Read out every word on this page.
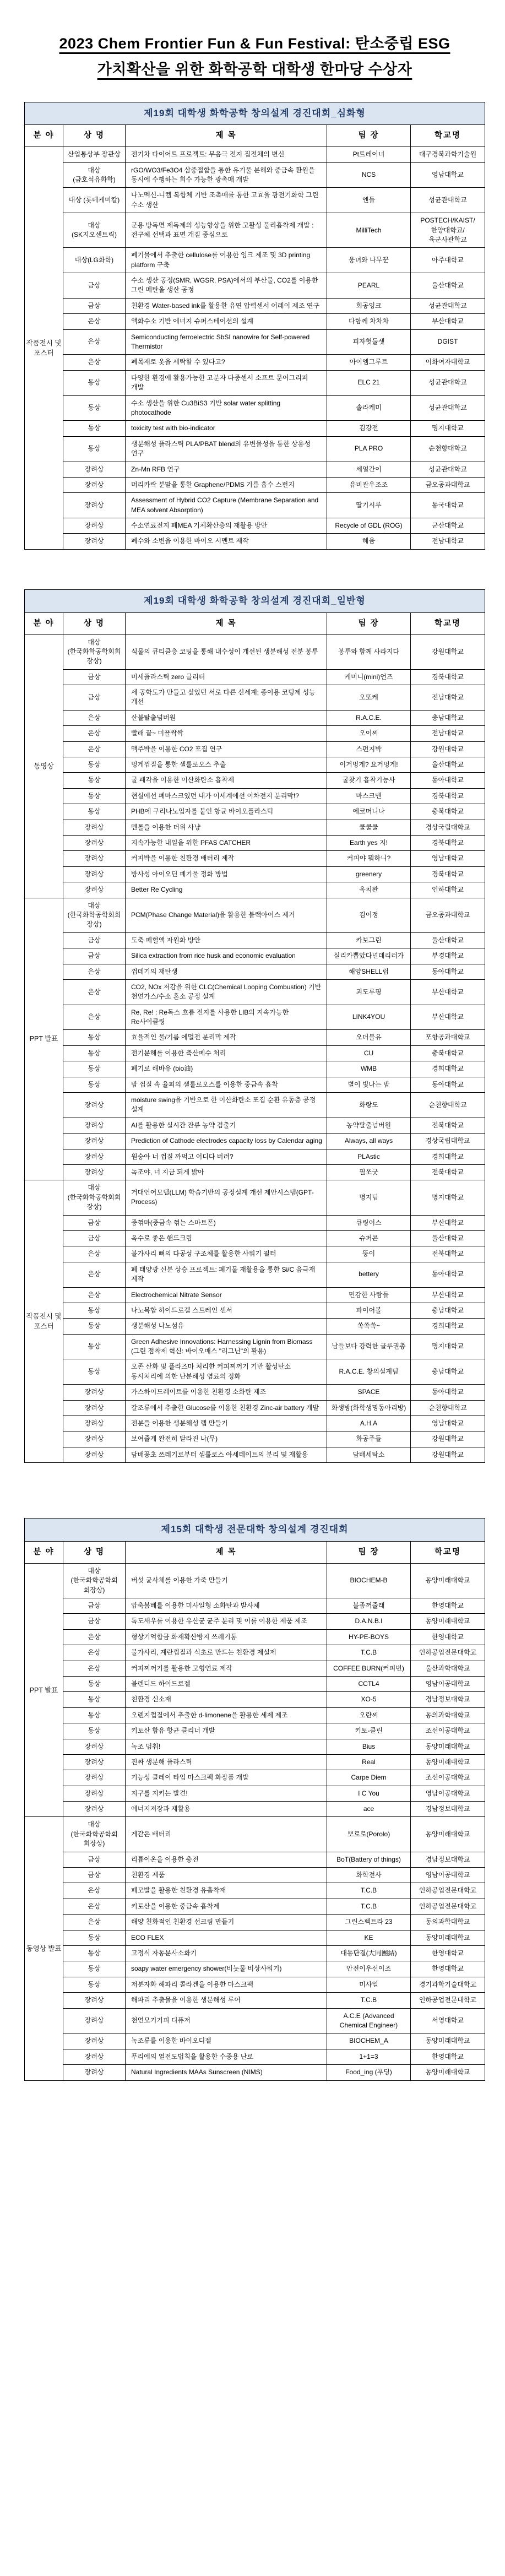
2023 Chem Frontier Fun & Fun Festival: 탄소중립 ESG
가치확산을 위한 화학공학 대학생 한마당 수상자
제19회 대학생 화학공학 창의설계 경진대회_심화형				
분 야	상 명	제 목	팀 장	학교명
작품전시 및 포스터	산업통상부 장관상	전기차 다이어트 프로젝트: 무음극 전지 집전체의 변신	Pt트레이너	대구경북과학기술원
	대상 (금호석유화학)	rGO/WO3/Fe3O4 삼중접합을 통한 유기물 분해와 중금속 환원을 동시에 수행하는 회수 가능한 광촉매 개발	NCS	영남대학교
	대상 (롯데케미칼)	나노멕신-니켈 복합체 기반 조촉매를 통한 고효율 광전기화학 그린 수소 생산	엔들	성균관대학교
	대상 (SK지오센트릭)	군용 방독면 제독제의 성능향상을 위한 고활성 물리흡착제 개발 : 전구체 선택과 표면 개질 중심으로	MilliTech	POSTECH/KAIST/한양대학교/육군사관학교
	대상(LG화학)	폐기물에서 추출한 cellulose를 이용한 잉크 제조 및 3D printing platform 구축	웅녀와 나무꾼	아주대학교
	금상	수소 생산 공정(SMR, WGSR, PSA)에서의 부산물, CO2를 이용한 그린 메탄올 생산 공정	PEARL	울산대학교
	금상	친환경 Water-based ink를 활용한 유연 압력센서 어레이 제조 연구	회공잉크	성균관대학교
	은상	액화수소 기반 에너지 슈퍼스테이션의 설계	다함께 차차차	부산대학교
	은상	Semiconducting ferroelectric SbSI nanowire for Self-powered Thermistor	피자헛둘셋	DGIST
	은상	폐목재로 옷을 세탁할 수 있다고?	아이엠그루트	이화여자대학교
	동상	다양한 환경에 활용가능한 고분자 다중센서 소프트 문어그리퍼 개발	ELC 21	성균관대학교
	동상	수소 생산을 위한 Cu3BiS3 기반 solar water splitting photocathode	솔라케미	성균관대학교
	동상	toxicity test with bio-indicator	김강전	명지대학교
	동상	생분해성 플라스틱 PLA/PBAT blend의 유변물성을 통한 상용성 연구	PLA PRO	순천향대학교
	장려상	Zn-Mn RFB 연구	세얼간이	성균관대학교
	장려상	머리카락 분말을 통한 Graphene/PDMS 기름 흡수 스펀지	유비관우조조	금오공과대학교
	장려상	Assessment of Hybrid CO2 Capture (Membrane Separation and MEA solvent Absorption)	딸기시루	동국대학교
	장려상	수소연료전지 폐MEA 기체확산층의 재활용 방안	Recycle of GDL (ROG)	군산대학교
	장려상	폐수와 소변을 이용한 바이오 시멘트 제작	혜윰	전남대학교
제19회 대학생 화학공학 창의설계 경진대회_일반형				
분 야	상 명	제 목	팀 장	학교명
동영상	대상 (한국화학공학회회장상)	식물의 큐티클층 코팅을 통해 내수성이 개선된 생분해성 전분 봉투	봉투와 함께 사라지다	강원대학교
	금상	미세플라스틱 zero 글리터	케미니(mini)언즈	경북대학교
	금상	세 공학도가 만들고 싶었던 서로 다른 신세계; 종이용 코팅제 성능 개선	오또케	전남대학교
	은상	산불탈출넘버원	R.A.C.E.	충남대학교
	은상	빨래 끝~ 미플싹싹	오이씨	전남대학교
	은상	맥주박을 이용한 CO2 포집 연구	스펀지박	강원대학교
	동상	멍게껍질을 통한 셀룰로오스 추출	이거멍게? 요거멍게!	울산대학교
	동상	굴 패각을 이용한 이산화탄소 흡착제	굴찾기 흡착기능사	동아대학교
	동상	현실에선 폐마스크였던 내가 이세계에선 이차전지 분리막!?	마스크맨	경북대학교
	동상	PHB에 구리나노입자를 붙인 항균 바이오플라스틱	에코머니나	충북대학교
	장려상	멘톨을 이용한 더위 사냥	쿨쿨쿨	경상국립대학교
	장려상	지속가능한 내일을 위한 PFAS CATCHER	Earth yes 지!	경북대학교
	장려상	커피박을 이용한 친환경 배터리 제작	커피야 뭐하니?	영남대학교
	장려상	방사성 아이오딘 폐기물 정화 방법	greenery	경북대학교
	장려상	Better Re Cycling	옥치완	인하대학교
PPT 발표	대상 (한국화학공학회회장상)	PCM(Phase Change Material)을 활용한 블랙아이스 제거	김이정	금오공과대학교
	금상	도축 폐혈액 자원화 방안	카보그린	울산대학교
	금상	Silica extraction from rice husk and economic evaluation	실리카뽑았다널데리러가	부경대학교
	은상	껍데기의 재탄생	해양SHELL럽	동아대학교
	은상	CO2, NOx 저감을 위한 CLC(Chemical Looping Combustion) 기반 천연가스/수소 혼소 공정 설계	괴도루핑	부산대학교
	은상	Re, Re! : Re독스 흐름 전지를 사용한 LIB의 지속가능한 Re사이클링	LINK4YOU	부산대학교
	동상	효율적인 물/기름 에멀전 분리막 제작	오더블유	포항공과대학교
	동상	전기분해를 이용한 축산폐수 처리	CU	충북대학교
	동상	폐기로 해바유 (bio油)	WMB	경희대학교
	동상	밤 껍질 속 율피의 셀룰로오스를 이용한 중금속 흡착	별이 빛나는 밤	동아대학교
	장려상	moisture swing을 기반으로 한 이산화탄소 포집 순환 유동층 공정 설계	화랑도	순천향대학교
	장려상	AI를 활용한 실시간 잔류 농약 검출기	농약탈출넘버원	전북대학교
	장려상	Prediction of Cathode electrodes capacity loss by Calendar aging	Always, all ways	경상국립대학교
	장려상	원숭아 너 껍질 까먹고 어디다 버려?	PLAstic	경희대학교
	장려상	녹조야, 너 지금 되게 밝아	필쏘굿	전북대학교
작품전시 및 포스터	대상 (한국화학공학회회장상)	거대언어모델(LLM) 학습기반의 공정설계 개선 제안시스템(GPT-Process)	명지팀	명지대학교
	금상	중꺾마(중금속 꺾는 스마트폰)	큐링어스	부산대학교
	금상	옥수로 좋은 핸드크림	슈퍼콘	울산대학교
	은상	불가사리 뼈의 다공성 구조체를 활용한 샤워기 필터	뚱이	전북대학교
	은상	폐 태양광 신분 상승 프로젝트: 폐기물 재활용을 통한 Si/C 음극재 제작	bettery	동아대학교
	은상	Electrochemical Nitrate Sensor	민감한 사람들	부산대학교
	동상	나노복합 하이드로겔 스트레인 센서	파이어볼	충남대학교
	동상	생분해성 나노섬유	쏙쏙쏙~	경희대학교
	동상	Green Adhesive Innovations: Harnessing Lignin from Biomass (그린 점착제 혁신: 바이오매스 "리그닌"의 활용)	남들보다 강력한 글루권총	명지대학교
	동상	오존 산화 및 플라즈마 처리한 커피찌꺼기 기반 활성탄소 동시처리에 의한 난분해성 염료의 정화	R.A.C.E. 창의설계팀	충남대학교
	장려상	가스하이드레이트를 이용한 친환경 소화탄 제조	SPACE	동아대학교
	장려상	갈조류에서 추출한 Glucose를 이용한 친환경 Zinc-air battery 개발	화생방(화학생명동아리방)	순천향대학교
	장려상	전분을 이용한 생분해성 랩 만들기	A.H.A	영남대학교
	장려상	보여줄게 완전히 달라진 나(무)	화공주들	강원대학교
	장려상	담배꽁초 쓰레기로부터 셀룰로스 아세테이트의 분리 및 재활용	담배세탁소	강원대학교
제15회 대학생 전문대학 창의설계 경진대회				
분 야	상 명	제 목	팀 장	학교명
PPT 발표	대상 (한국화학공학회 회장상)	버섯 균사체를 이용한 가죽 만들기	BIOCHEM-B	동양미래대학교
	금상	압축봄베를 이용한 미사일형 소화탄과 발사체	불좀꺼줄래	한영대학교
	금상	독도새우를 이용한 유산균 균주 분리 및 이를 이용한 제품 제조	D.A.N.B.I	동양미래대학교
	은상	형상기억합금 화재확산방지 쓰레기통	HY-PE-BOYS	한영대학교
	은상	불가사리, 계란껍질과 식초로 만드는 친환경 제설제	T.C.B	인하공업전문대학교
	은상	커피찌꺼기를 활용한 고형연료 제작	COFFEE BURN(커피번)	울산과학대학교
	동상	블렌디드 하이드로젤	CCTL4	영남이공대학교
	동상	친환경 신소재	XO-5	경남정보대학교
	동상	오렌지껍질에서 추출한 d-limonene을 활용한 세제 제조	오란씨	동의과학대학교
	동상	키토산 함유 항균 클리너 개발	키토-클린	조선이공대학교
	장려상	녹조 멈춰!	Bius	동양미래대학교
	장려상	진짜 생분해 플라스틱	Real	동양미래대학교
	장려상	기능성 클레이 타입 마스크팩 화장품 개발	Carpe Diem	조선이공대학교
	장려상	지구를 지키는 발견!	I C You	영남이공대학교
	장려상	에너지저장과 재활용	ace	경남정보대학교
동영상 발표	대상 (한국화학공학회 회장상)	게같은 배터리	뽀로로(Porolo)	동양미래대학교
	금상	리튬이온을 이용한 충전	BoT(Battery of things)	경남정보대학교
	금상	친환경 제품	화학전사	영남이공대학교
	은상	폐모발을 활용한 친환경 유흡착재	T.C.B	인하공업전문대학교
	은상	키토산을 이용한 중금속 흡착제	T.C.B	인하공업전문대학교
	은상	해양 친화적인 친환경 선크림 만들기	그린스펙트라 23	동의과학대학교
	동상	ECO FLEX	KE	동양미래대학교
	동상	고정식 자동분사소화기	대동단결(大同團結)	한영대학교
	동상	soapy water emergency shower(비눗물 비상샤워기)	안전이우선이조	한영대학교
	동상	저분자화 해파리 콜라겐을 이용한 마스크팩	미사일	경기과학기술대학교
	장려상	해파리 추출물을 이용한 생분해성 루어	T.C.B	인하공업전문대학교
	장려상	천연모기기피 디퓨저	A.C.E (Advanced Chemical Engineer)	서영대학교
	장려상	녹조류를 이용한 바이오디젤	BIOCHEM_A	동양미래대학교
	장려상	푸리에의 열전도법칙을 활용한 수중용 난로	1+1=3	한영대학교
	장려상	Natural Ingredients MAAs Sunscreen (NIMS)	Food_ing (푸딩)	동양미래대학교
